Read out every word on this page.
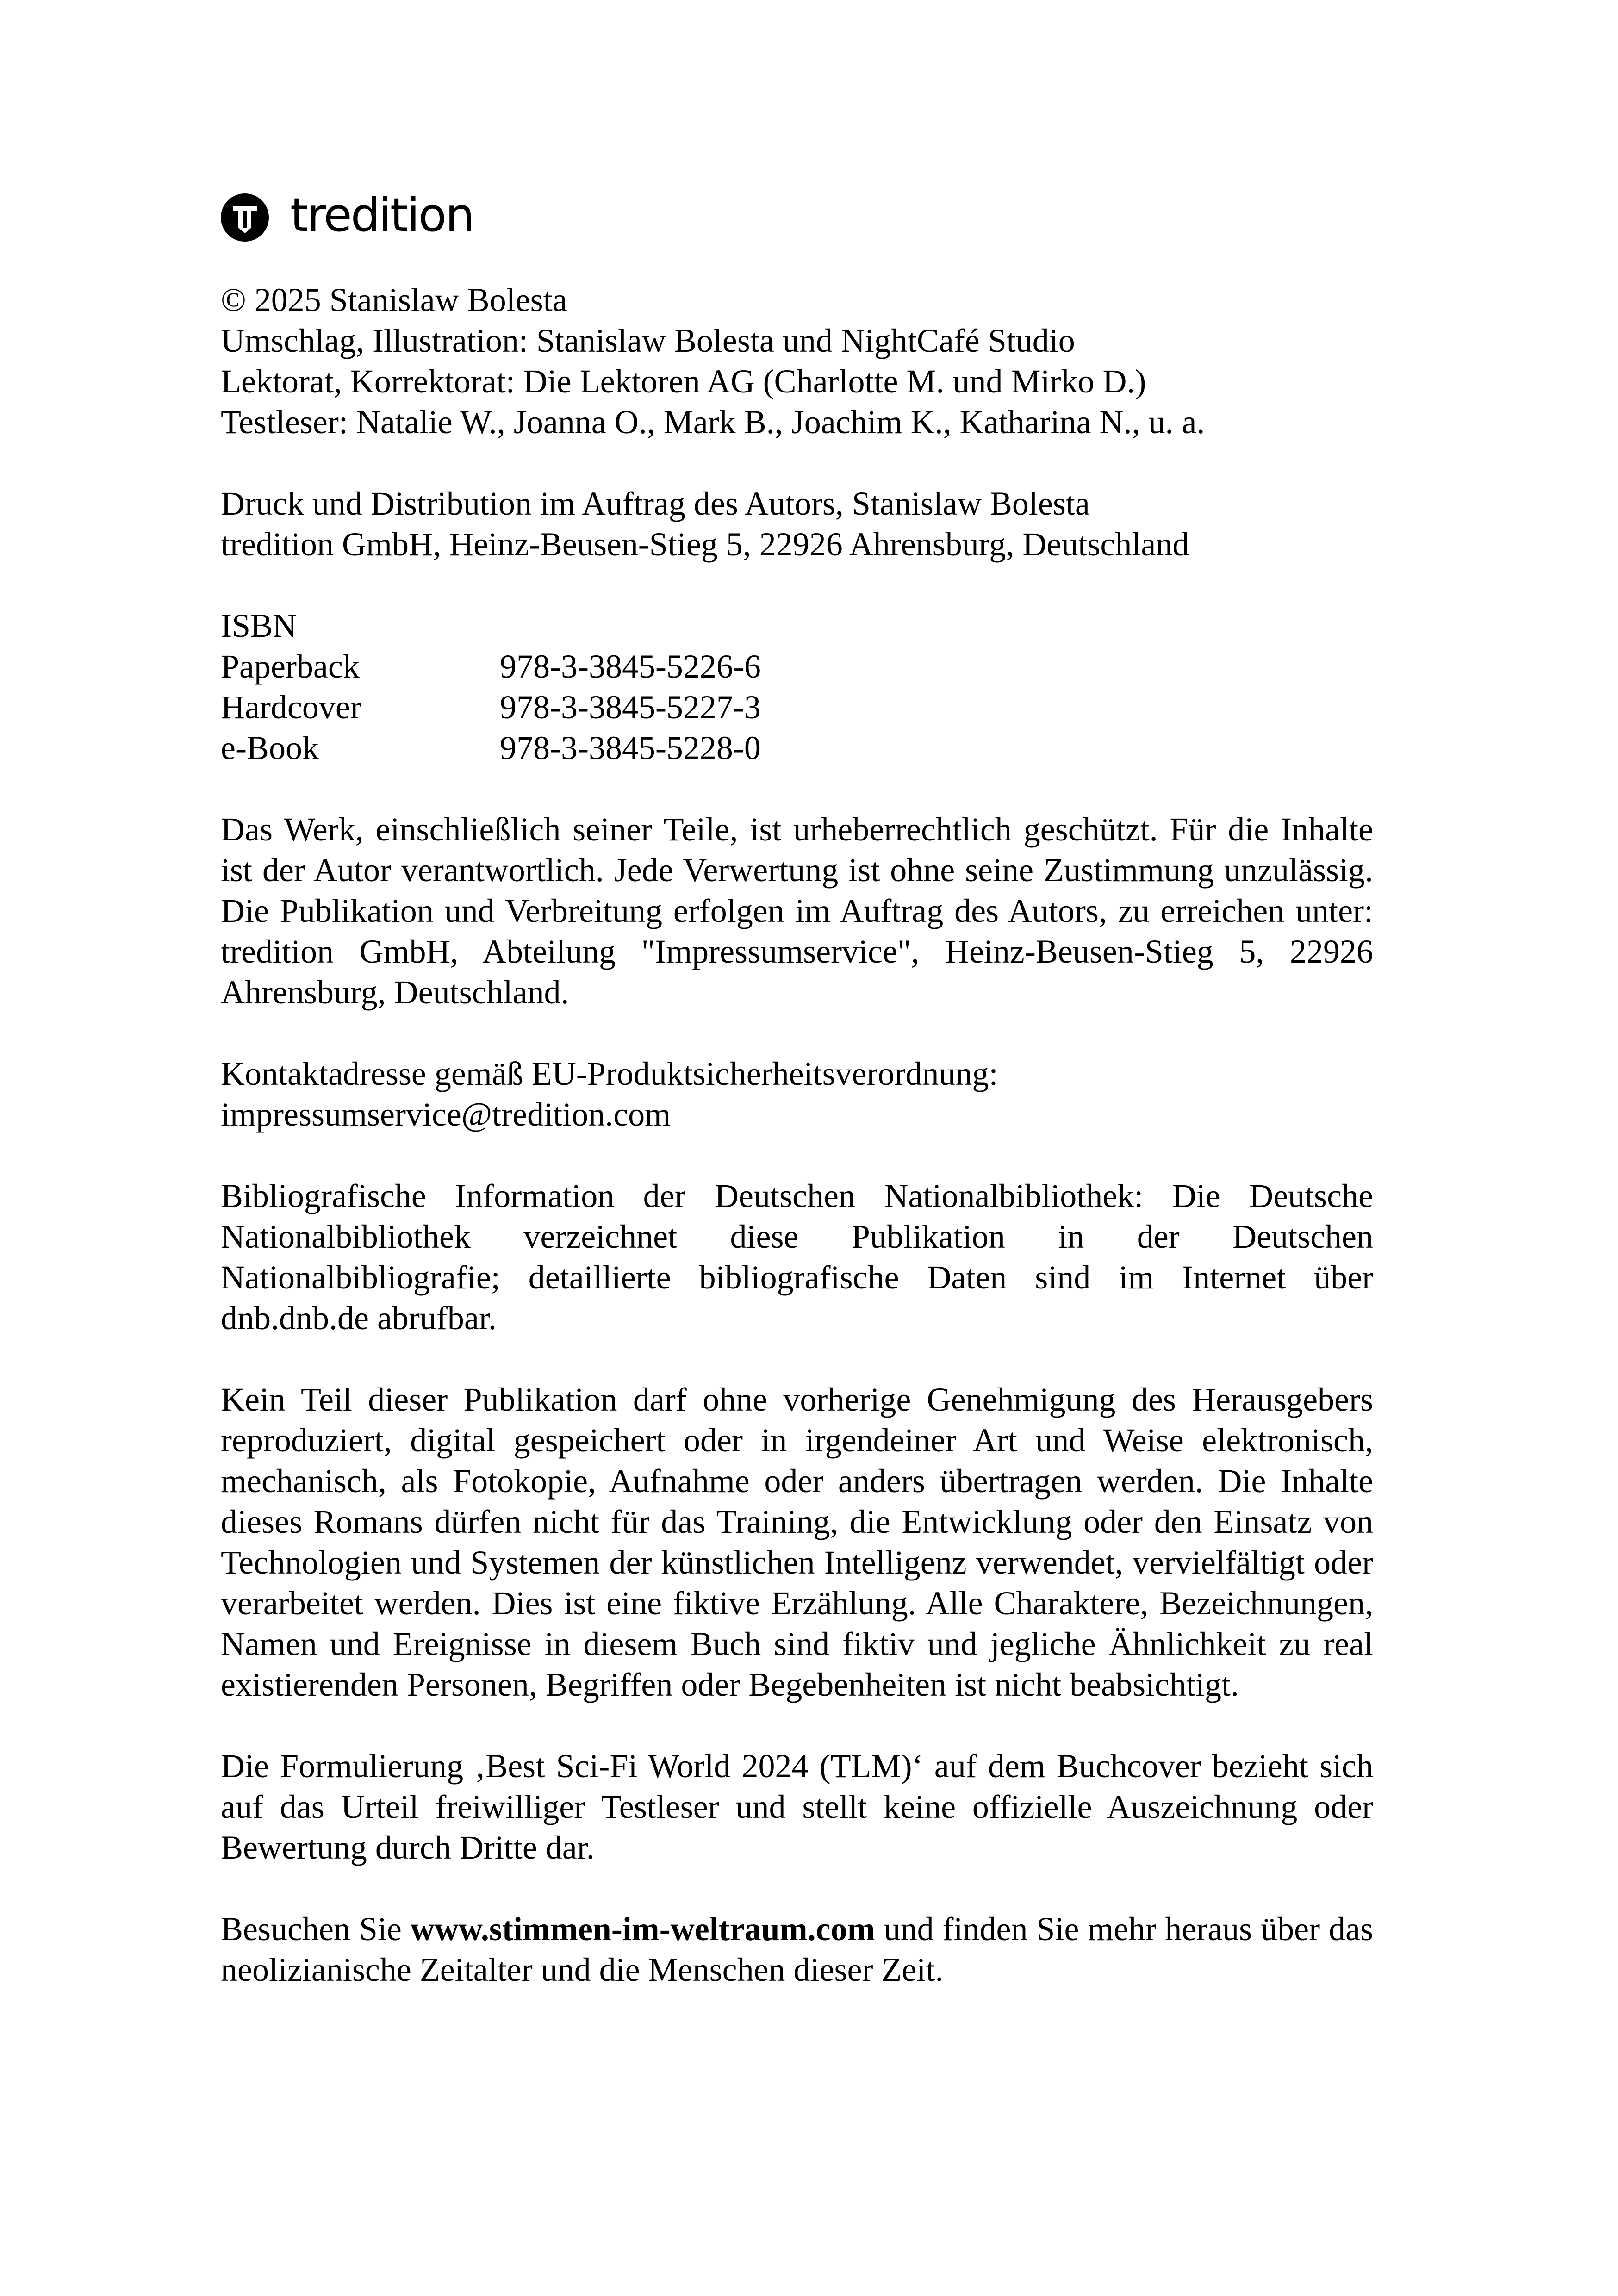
tredition
© 2025 Stanislaw Bolesta
Umschlag, Illustration: Stanislaw Bolesta und NightCafé Studio
Lektorat, Korrektorat: Die Lektoren AG (Charlotte M. und Mirko D.)
Testleser: Natalie W., Joanna O., Mark B., Joachim K., Katharina N., u. a.
Druck und Distribution im Auftrag des Autors, Stanislaw Bolesta
tredition GmbH, Heinz-Beusen-Stieg 5, 22926 Ahrensburg, Deutschland
ISBN
Paperback	978-3-3845-5226-6
Hardcover	978-3-3845-5227-3
e-Book	978-3-3845-5228-0

Das Werk, einschließlich seiner Teile, ist urheberrechtlich geschützt. Für die Inhalte ist der Autor verantwortlich. Jede Verwertung ist ohne seine Zustimmung unzulässig. Die Publikation und Verbreitung erfolgen im Auftrag des Autors, zu erreichen unter: tredition GmbH, Abteilung "Impressumservice", Heinz-Beusen-Stieg 5, 22926 Ahrensburg, Deutschland.

Kontaktadresse gemäß EU-Produktsicherheitsverordnung:
impressumservice@tredition.com

Bibliografische Information der Deutschen Nationalbibliothek: Die Deutsche Nationalbibliothek verzeichnet diese Publikation in der Deutschen Nationalbibliografie; detaillierte bibliografische Daten sind im Internet über dnb.dnb.de abrufbar.

Kein Teil dieser Publikation darf ohne vorherige Genehmigung des Herausgebers reproduziert, digital gespeichert oder in irgendeiner Art und Weise elektronisch, mechanisch, als Fotokopie, Aufnahme oder anders übertragen werden. Die Inhalte dieses Romans dürfen nicht für das Training, die Entwicklung oder den Einsatz von Technologien und Systemen der künstlichen Intelligenz verwendet, vervielfältigt oder verarbeitet werden. Dies ist eine fiktive Erzählung. Alle Charaktere, Bezeichnungen, Namen und Ereignisse in diesem Buch sind fiktiv und jegliche Ähnlichkeit zu real existierenden Personen, Begriffen oder Begebenheiten ist nicht beabsichtigt.

Die Formulierung ‚Best Sci-Fi World 2024 (TLM)‘ auf dem Buchcover bezieht sich auf das Urteil freiwilliger Testleser und stellt keine offizielle Auszeichnung oder Bewertung durch Dritte dar.

Besuchen Sie www.stimmen-im-weltraum.com und finden Sie mehr heraus über das neolizianische Zeitalter und die Menschen dieser Zeit.
